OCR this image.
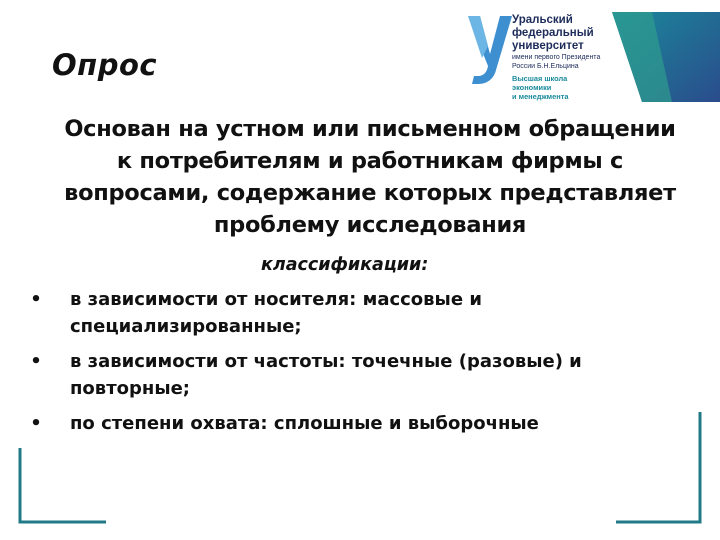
Опрос
Уральский
федеральный
университет
имени первого Президента
России Б.Н.Ельцина
Высшая школа
экономики
и менеджмента
Основан на устном или письменном обращении к потребителям и работникам фирмы с вопросами, содержание которых представляет проблему исследования
классификации:
• в зависимости от носителя: массовые и специализированные;
• в зависимости от частоты: точечные (разовые) и повторные;
• по степени охвата: сплошные и выборочные
